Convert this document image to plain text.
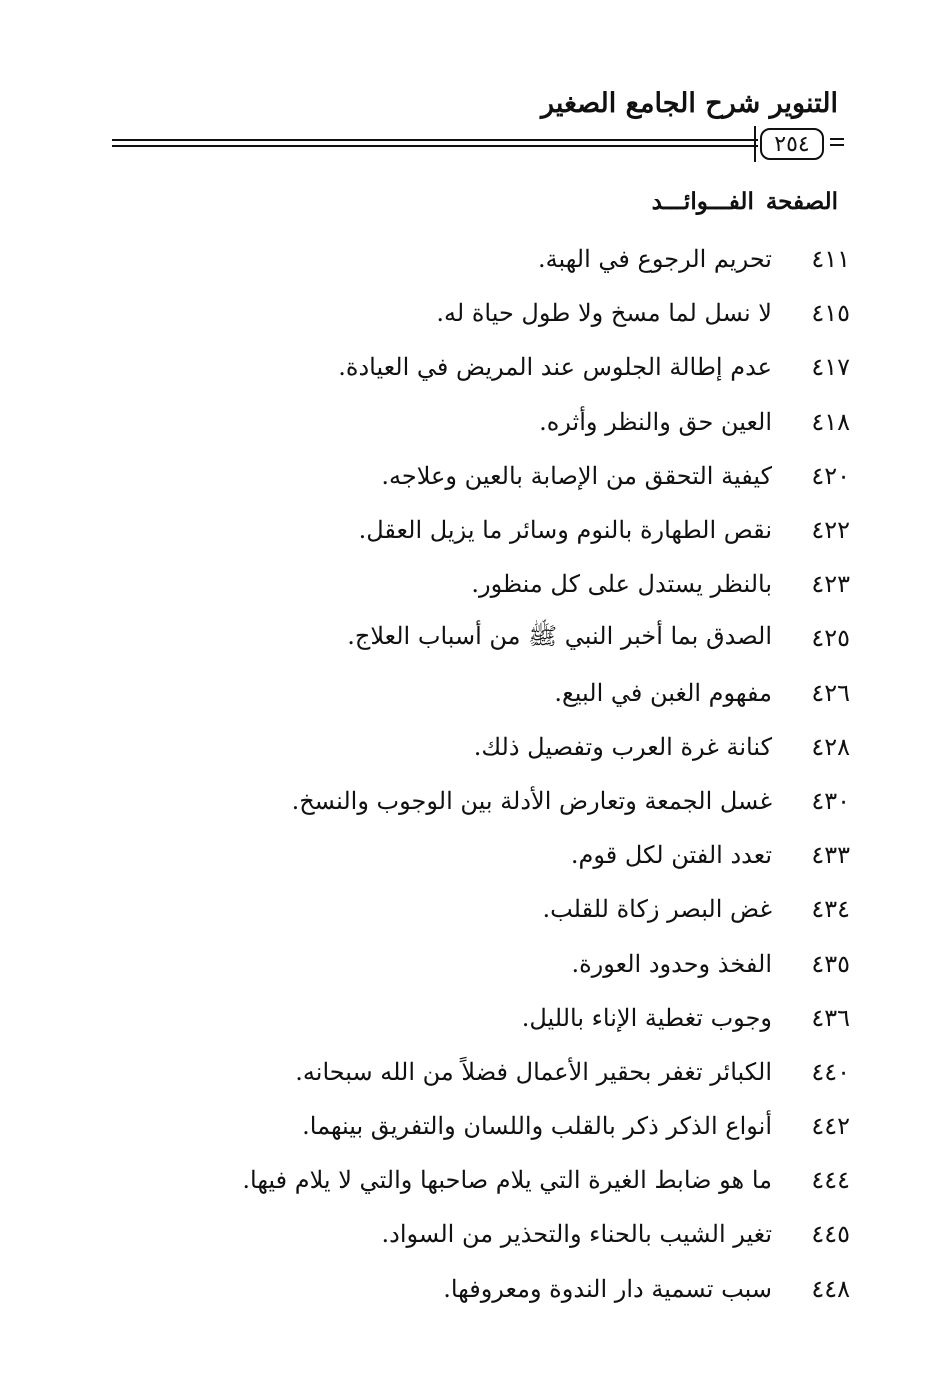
التنوير شرح الجامع الصغير
٢٥٤
الصفحةالفـــوائـــد
٤١١
تحريم الرجوع في الهبة.
٤١٥
لا نسل لما مسخ ولا طول حياة له.
٤١٧
عدم إطالة الجلوس عند المريض في العيادة.
٤١٨
العين حق والنظر وأثره.
٤٢٠
كيفية التحقق من الإصابة بالعين وعلاجه.
٤٢٢
نقص الطهارة بالنوم وسائر ما يزيل العقل.
٤٢٣
بالنظر يستدل على كل منظور.
٤٢٥
الصدق بما أخبر النبي ﷺ من أسباب العلاج.
٤٢٦
مفهوم الغبن في البيع.
٤٢٨
كنانة غرة العرب وتفصيل ذلك.
٤٣٠
غسل الجمعة وتعارض الأدلة بين الوجوب والنسخ.
٤٣٣
تعدد الفتن لكل قوم.
٤٣٤
غض البصر زكاة للقلب.
٤٣٥
الفخذ وحدود العورة.
٤٣٦
وجوب تغطية الإناء بالليل.
٤٤٠
الكبائر تغفر بحقير الأعمال فضلاً من الله سبحانه.
٤٤٢
أنواع الذكر ذكر بالقلب واللسان والتفريق بينهما.
٤٤٤
ما هو ضابط الغيرة التي يلام صاحبها والتي لا يلام فيها.
٤٤٥
تغير الشيب بالحناء والتحذير من السواد.
٤٤٨
سبب تسمية دار الندوة ومعروفها.
